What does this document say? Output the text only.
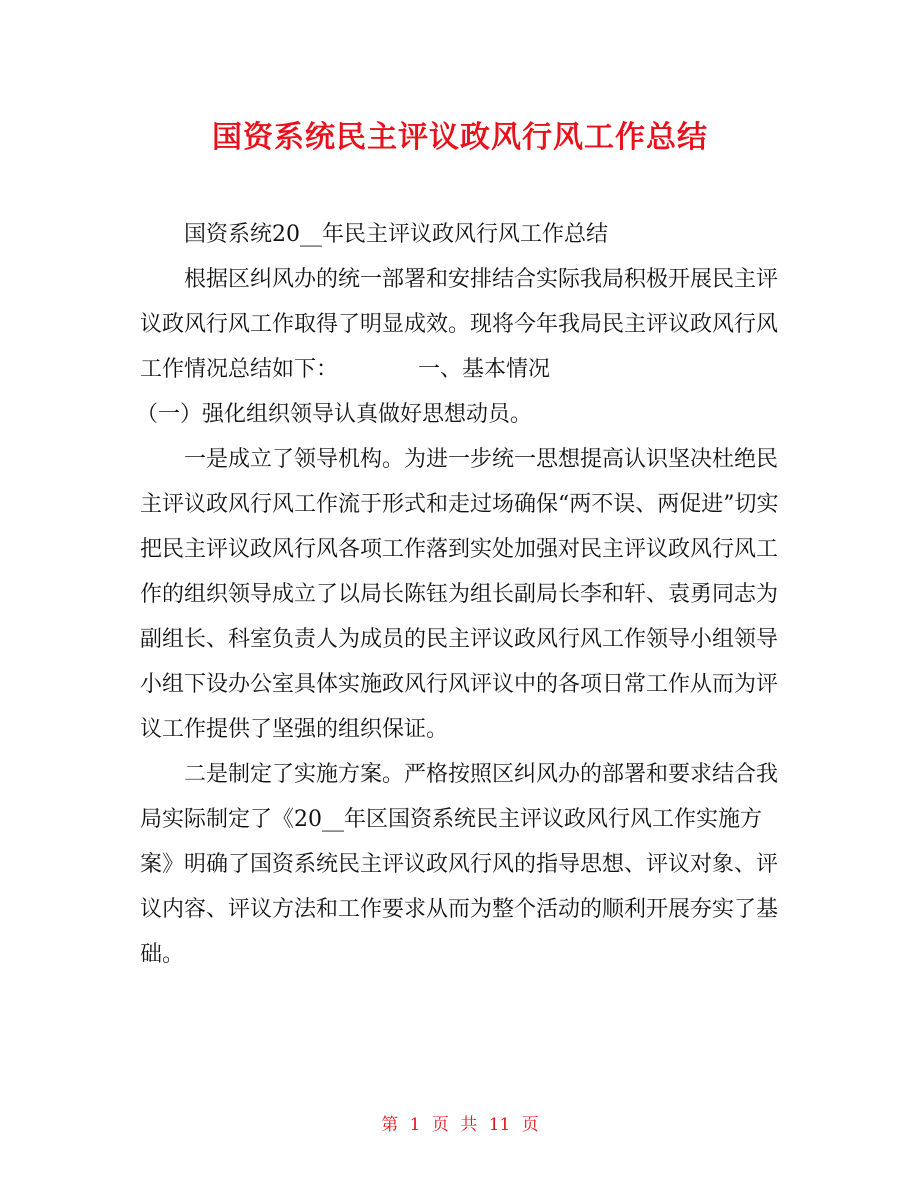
国资系统民主评议政风行风工作总结

国资系统20__年民主评议政风行风工作总结

根据区纠风办的统一部署和安排结合实际我局积极开展民主评议政风行风工作取得了明显成效。现将今年我局民主评议政风行风工作情况总结如下：	一、基本情况

（一）强化组织领导认真做好思想动员。

一是成立了领导机构。为进一步统一思想提高认识坚决杜绝民主评议政风行风工作流于形式和走过场确保“两不误、两促进”切实把民主评议政风行风各项工作落到实处加强对民主评议政风行风工作的组织领导成立了以局长陈钰为组长副局长李和轩、袁勇同志为副组长、科室负责人为成员的民主评议政风行风工作领导小组领导小组下设办公室具体实施政风行风评议中的各项日常工作从而为评议工作提供了坚强的组织保证。

二是制定了实施方案。严格按照区纠风办的部署和要求结合我局实际制定了《20__年区国资系统民主评议政风行风工作实施方案》明确了国资系统民主评议政风行风的指导思想、评议对象、评议内容、评议方法和工作要求从而为整个活动的顺利开展夯实了基础。

第 1 页 共 11 页
